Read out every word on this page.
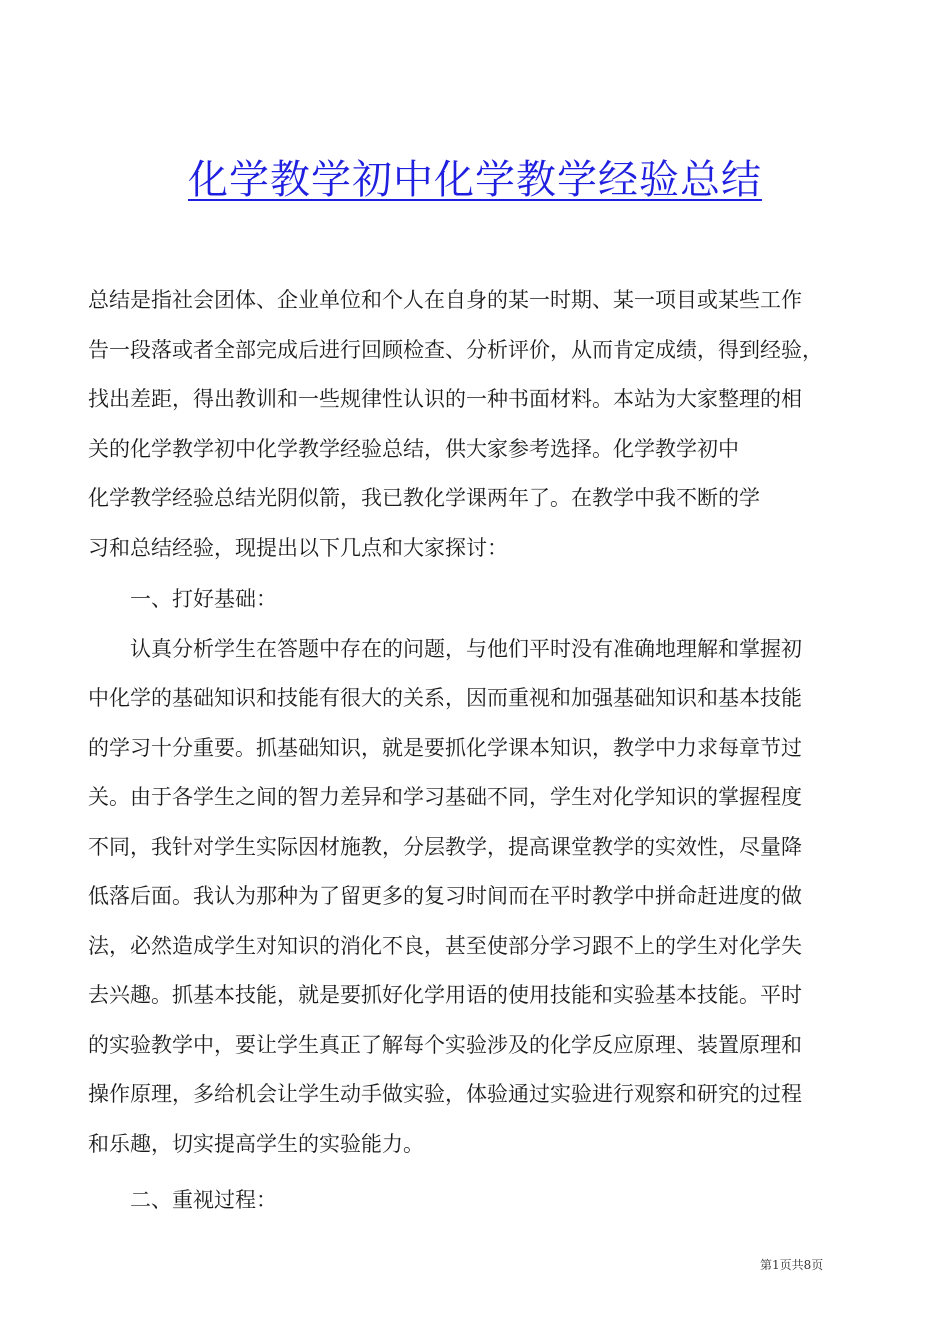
化学教学初中化学教学经验总结
总结是指社会团体、企业单位和个人在自身的某一时期、某一项目或某些工作
告一段落或者全部完成后进行回顾检查、分析评价，从而肯定成绩，得到经验，
找出差距，得出教训和一些规律性认识的一种书面材料。本站为大家整理的相
关的化学教学初中化学教学经验总结，供大家参考选择。化学教学初中
化学教学经验总结光阴似箭，我已教化学课两年了。在教学中我不断的学
习和总结经验，现提出以下几点和大家探讨：
一、打好基础：
认真分析学生在答题中存在的问题，与他们平时没有准确地理解和掌握初
中化学的基础知识和技能有很大的关系，因而重视和加强基础知识和基本技能
的学习十分重要。抓基础知识，就是要抓化学课本知识，教学中力求每章节过
关。由于各学生之间的智力差异和学习基础不同，学生对化学知识的掌握程度
不同，我针对学生实际因材施教，分层教学，提高课堂教学的实效性，尽量降
低落后面。我认为那种为了留更多的复习时间而在平时教学中拼命赶进度的做
法，必然造成学生对知识的消化不良，甚至使部分学习跟不上的学生对化学失
去兴趣。抓基本技能，就是要抓好化学用语的使用技能和实验基本技能。平时
的实验教学中，要让学生真正了解每个实验涉及的化学反应原理、装置原理和
操作原理，多给机会让学生动手做实验，体验通过实验进行观察和研究的过程
和乐趣，切实提高学生的实验能力。
二、重视过程：
第1页共8页
